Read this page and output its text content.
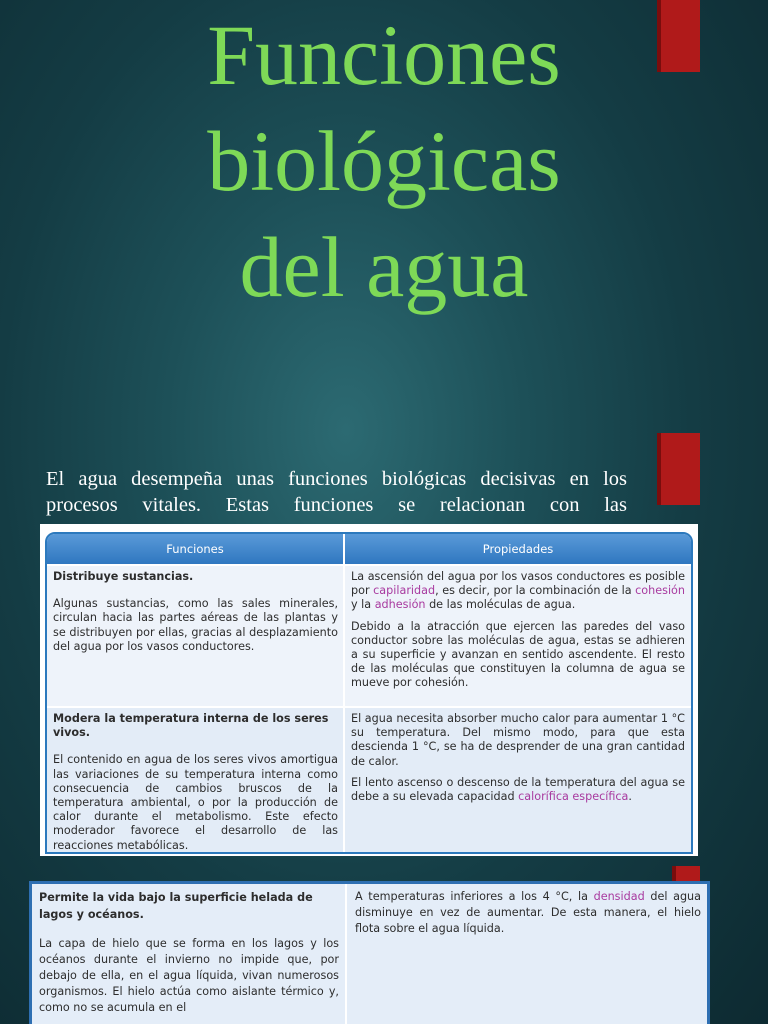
Funciones
biológicas
del agua
El agua desempeña unas funciones biológicas decisivas en los procesos vitales. Estas funciones se relacionan con las
Funciones	Propiedades
Distribuye sustancias.

Algunas sustancias, como las sales minerales, circulan hacia las partes aéreas de las plantas y se distribuyen por ellas, gracias al desplazamiento del agua por los vasos conductores.

La ascensión del agua por los vasos conductores es posible por capilaridad, es decir, por la combinación de la cohesión y la adhesión de las moléculas de agua.

Debido a la atracción que ejercen las paredes del vaso conductor sobre las moléculas de agua, estas se adhieren a su superficie y avanzan en sentido ascendente. El resto de las moléculas que constituyen la columna de agua se mueve por cohesión.

Modera la temperatura interna de los seres vivos.

El contenido en agua de los seres vivos amortigua las variaciones de su temperatura interna como consecuencia de cambios bruscos de la temperatura ambiental, o por la producción de calor durante el metabolismo. Este efecto moderador favorece el desarrollo de las reacciones metabólicas.

El agua necesita absorber mucho calor para aumentar 1 °C su temperatura. Del mismo modo, para que esta descienda 1 °C, se ha de desprender de una gran cantidad de calor.

El lento ascenso o descenso de la temperatura del agua se debe a su elevada capacidad calorífica específica.

Permite la vida bajo la superficie helada de lagos y océanos.

La capa de hielo que se forma en los lagos y los océanos durante el invierno no impide que, por debajo de ella, en el agua líquida, vivan numerosos organismos. El hielo actúa como aislante térmico y, como no se acumula en el

A temperaturas inferiores a los 4 °C, la densidad del agua disminuye en vez de aumentar. De esta manera, el hielo flota sobre el agua líquida.
